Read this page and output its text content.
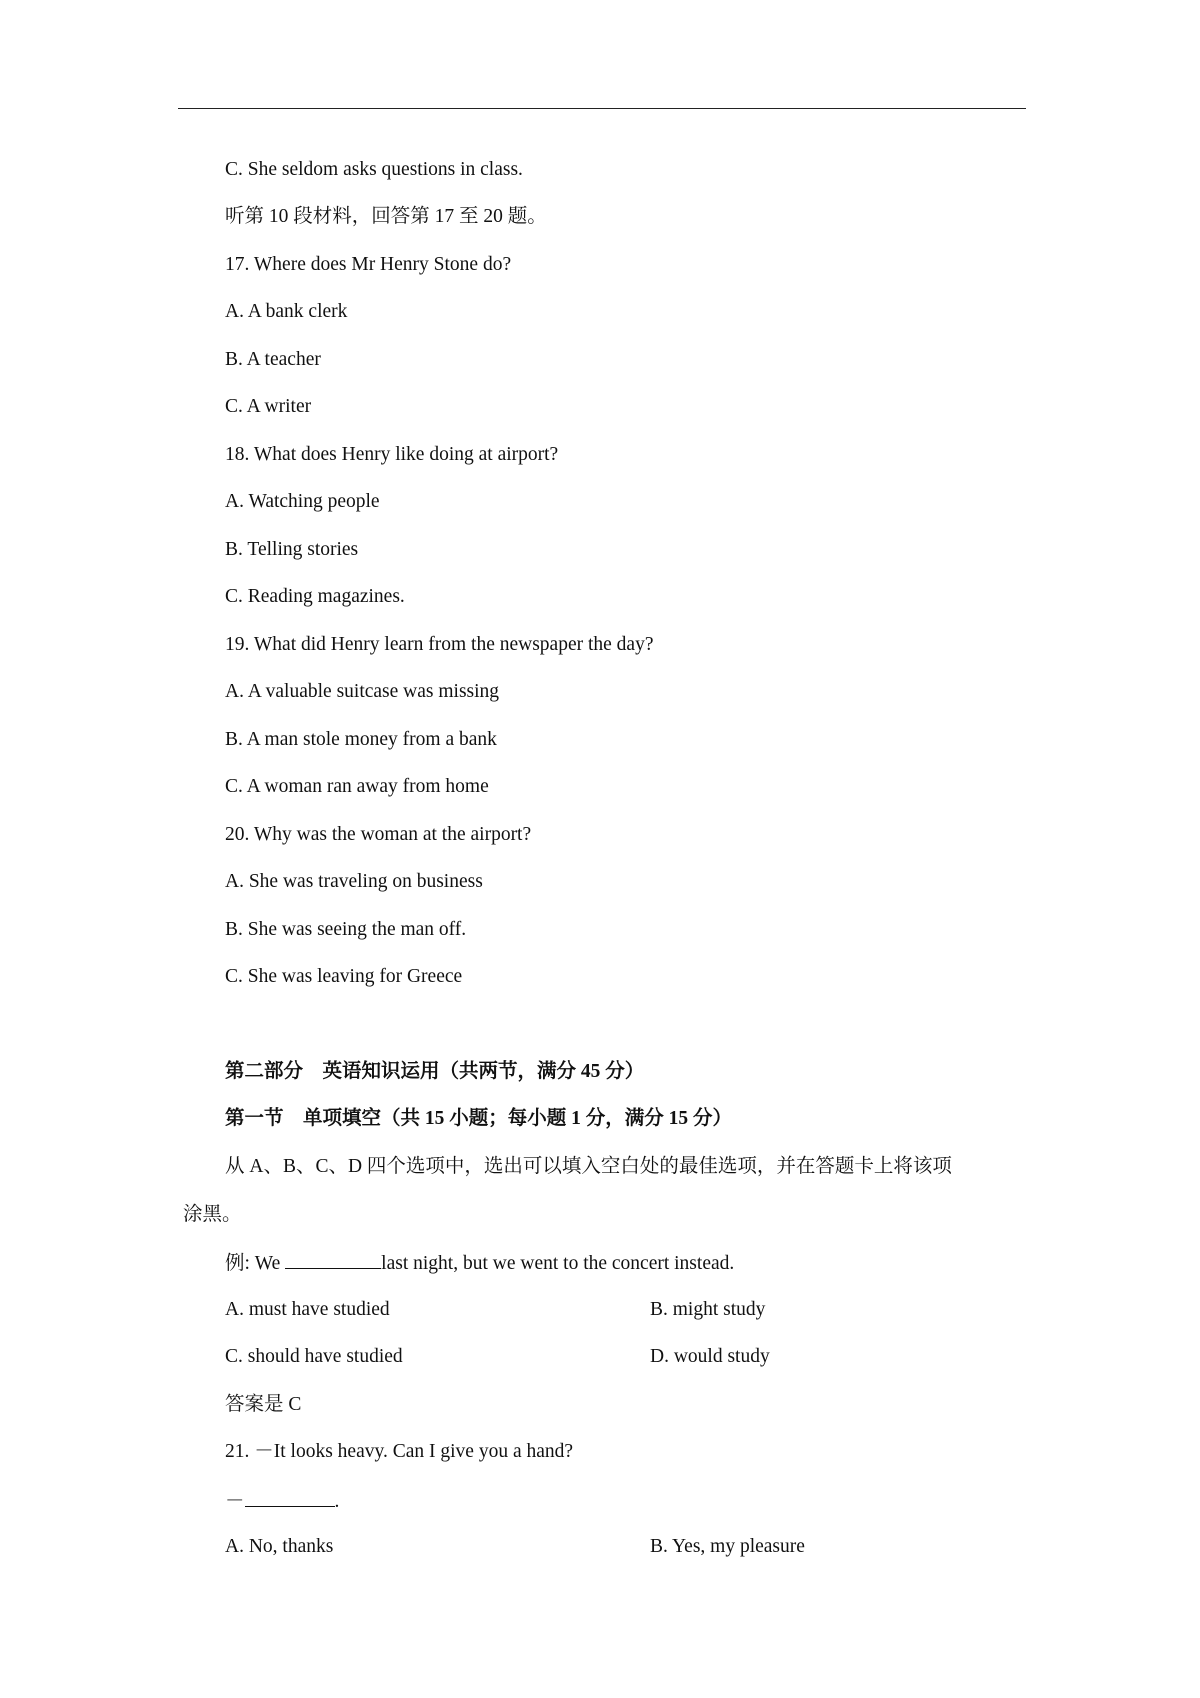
C. She seldom asks questions in class.
听第 10 段材料，回答第 17 至 20 题。
17. Where does Mr Henry Stone do?
A. A bank clerk
B. A teacher
C. A writer
18. What does Henry like doing at airport?
A. Watching people
B. Telling stories
C. Reading magazines.
19. What did Henry learn from the newspaper the day?
A. A valuable suitcase was missing
B. A man stole money from a bank
C. A woman ran away from home
20. Why was the woman at the airport?
A. She was traveling on business
B. She was seeing the man off.
C. She was leaving for Greece
第二部分　英语知识运用（共两节，满分 45 分）
第一节　单项填空（共 15 小题；每小题 1 分，满分 15 分）
从 A、B、C、D 四个选项中，选出可以填入空白处的最佳选项，并在答题卡上将该项
涂黑。
例: We	last night, but we went to the concert instead.
A. must have studied	B. might study
C. should have studied	D. would study
答案是 C
21. －It looks heavy. Can I give you a hand?
－	.
A. No, thanks	B. Yes, my pleasure
